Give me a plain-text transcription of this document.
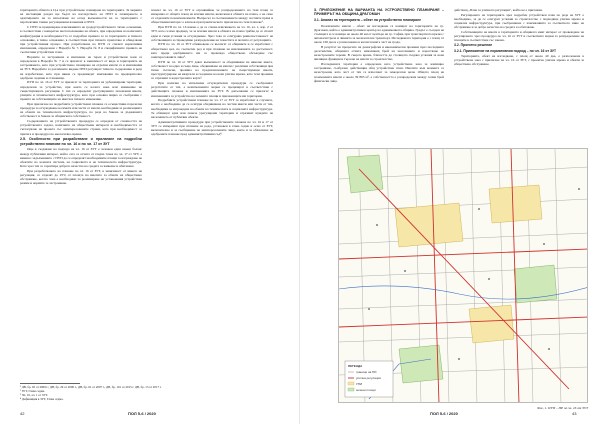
територията обхвата в Ц-а при устройствено планиране на територията. За мерките на настоящия раздел ще бъдат на наследството на ПУП и планирането и адаптирането на за използване на оглед възможности на за територията с перспективи главно регулационни вложения в ПУП.

С ПУП за прецизиране изискванията на градоустройственото тяхно основание, в съответствие с конкретно местоположение на обекта, при определяне на наличната конфигурация и необходимостта от подробни правила за за територията и тяхното основание, в тяхно основание, в съответствие при тяхното прилагане и обвързване при устройствения процес. При разработване на ПУП се спазват нормативни изисквания, определени с Наредба № 7, Наредба № 8 и специфичните правила на съответния устройствен план.

Нормите за застрояване и изискване на терен и устройствени зони са определени в Наредба № 7 и се прилагат в зависимост от вида и територията на застрояването, като при устройствено планиране на отделни имоти са и изисквания на ЗУТ. Наредбите за различните видове ПУП регулират тяхното съдържание и реда на изработване, като при някои се предвиждат изисквания по предварително одобрено задание и становища.

ПУП по чл. 16 от ЗУТ се прилагат за територията на урбанизирани територии, определени за устройство, при които се налага нова или изменение на съществуващата регулация. С тях се определят урегулираните поземлени имоти, улиците и техническата инфраструктура, като при основна мярка се съобразява с правата на собствениците на имоти и тяхното изменение.

При прилагане на подробните устройствени планове се осъществява паралелна процедура за отчуждаване на имоти или части от имоти, необходими за реализацията на обекти на техническата инфраструктура, по реда на Закона за държавната собственост и Закона за общинската собственост.

Съдържанието на устройствената процедура се определя от сложността на устройствената задача, наличието на обществени интереси и необходимостта от съгласуване на проекта със заинтересованите страни, като при необходимост се прилага и процедура по екологична оценка.

2.5. Особености при разработване и прилагане на подробни устройствени планове по чл. 16 и по чл. 17 от ЗУТ

Още в създаване на подхода на чл. 16 от ЗУТ е заложен един важен баланс между публичния интерес, който сега се отчита от гледна точка по чл. 17 от ЗУТ, а именно: задължението с ПУП да се определят необходимите площи за изграждане на обектите на зелената система, на социалната и на техническата инфраструктура. Като чрез тях се гарантира доброто качество на средата за живеене и обитаване.

При разработването на планове по чл. 16 от ЗУТ, в зависимост от нивото на регулация, се отделят до 25% от площта на имотите за обекти на обществено обслужване, когато това е необходимо за реализиране на установения устройствен режим и нормите за застрояване.

планът по чл. 16 от ЗУТ и отразявайки, че разпределението на тази площ се извършва от общата площ на всички имоти, включени в обхвата на плана, а не само от отделните поземлени имоти. Въпросът за съотношението между частните права и обществения интерес е ключов при практическото прилагане на тези планове¹.

При ПУП по чл. 16 важно е да се спазва изискването на чл. 16, ал. 1, изр. 2 от ЗУТ, като се има предвид, че за всички имоти в обхвата на плана трябва да се спазят едни и същи условия за отчуждаване. Чрез това се осигурява равнопоставеност на собствениците и справедливо разпределение на тежестите и ползите от регулацията.

ПУП по чл. 16 от ЗУТ обикновено се възлагат от общините и се изработват с обществена цел, по съответен ред и при спазване на изискванията за достъпност, като преди одобряването им се провежда обществено обсъждане със заинтересованите лица².

ПУП по чл. 16 от ЗУТ дават възможност за обединяване на няколко имота, собственост на едно и също лице, обединяване на имоти с различни собственици при тяхно съгласие, промяна на предназначението на съществуващи имоти, преструктуриране на квартали и създаване на нова улична мрежа, като тези промени се отразяват в кадастралната карта³.

При наличие на изпълнени отчуждителни процедури се съобразяват резултатите от тях, а неизпълнените мерки се прецизират в съответствие с действащите планове и изискванията на ЗУТ. В допълнение се прилагат и изискванията за устройство на зелените площи и прилежащите им територии.

Подробните устройствени планове по чл. 17 от ЗУТ се изработват в случаите, когато е необходимо да се осигури обединяване на частни имоти или части от тях, необходими за изграждане на обекти на техническата и социалната инфраструктура. Те обхващат една или повече урегулирани територии и отразяват нуждите на населението от публични обекти.

Административните процедури при устройствените планове по чл. 16 и 17 от ЗУТ се извършват при спазване на реда, установен в глава седма и осма от ЗУТ, включително и за съобщаване на заинтересованите лица, както и за обжалване на одобрените планове пред административния съд⁴.

¹ ДВ, бр. 65 от 2009 г.; ДВ, бр. 29 от 2006 г., ДВ, бр. 61 от 2007 г., ДВ, бр. 101 от 2015 г. ДВ, бр. 13 от 2017 г.
² ЗУТ, Глава седма.
³ Чл. 16, ал. 1 от ЗУТ.
⁴ Дефиниция в ЗУТ, Глава седма.
42	ПОЛ 5-6 / 2020

3. ПРИЛОЖЕНИЕ НА ВАРИАНТА НА УСТРОЙСТВЕНО ПЛАНИРАНЕ – ПРИМЕРЪТ НА ОБЩИНА ДРАГОМАН

3.1. Анализ на територията – обект на устройствено планиране

Поземлените имоти – обект на изследване са намират на територията на гр. Драгоман, който е административен център на едноименната община. Градът е съседен на столицата и се намира на около 40 км от центъра на гр. София, при транспортната връзка с автомагистрала и линията за железопътен транспорт. Изследваната територия е с площ от около 100 дка и е разположена в югоизточната част на града.

В резултат на процесите на демографски и икономически промени през последните десетилетия, общината отчита намаляващ брой на населението и нарастване на незастроените терени. В същото време, близостта до столицата създава условия за нова жилищна функция и търсене на имоти за строителство.

Изследваната територия е определена като устройствена зона за жилищно застрояване, съобразно действащия общ устройствен план. Имотите към момента са незастроени, като част от тях се използват за земеделски цели. Общата площ на поземлените имоти е около 39 893 м², а собствеността е разпределена между голям брой физически лица.

действащ „План за уличната регулация", който не е приложен.

Регулирането на територията чрез подробен устройствен план по реда на ЗУТ е необходимо, за да се осигурят условия за строителство с подходяща улична мрежа и социална инфраструктура, при съобразяване с изискванията за съответното ниво на обслужване и за добро качество на средата за обитаване.

Собствениците на имоти в територията и общината имат интерес от провеждане на регулирането чрез процедура по чл. 16 от ЗУТ и съответните мерки за разпределение на площите в съответствие със закона.

3.2. Проектно решение

3.2.1. Приложение на нормативния подход – по чл. 16 от ЗУТ

Територията, обект на изследване, с площ от около 40 дка, е разположена в устройствена зона с прилагане на чл. 16 от ЗУТ, с проектна улична мрежа и обекти за обществено обслужване.

ЛЕГЕНДА
граници на ПИ
улична регулация
УПИ
зелени площи
Фиг. 1. ПУП – ПР по чл. 16 от ЗУТ
ПОЛ 5-6 / 2020	43
